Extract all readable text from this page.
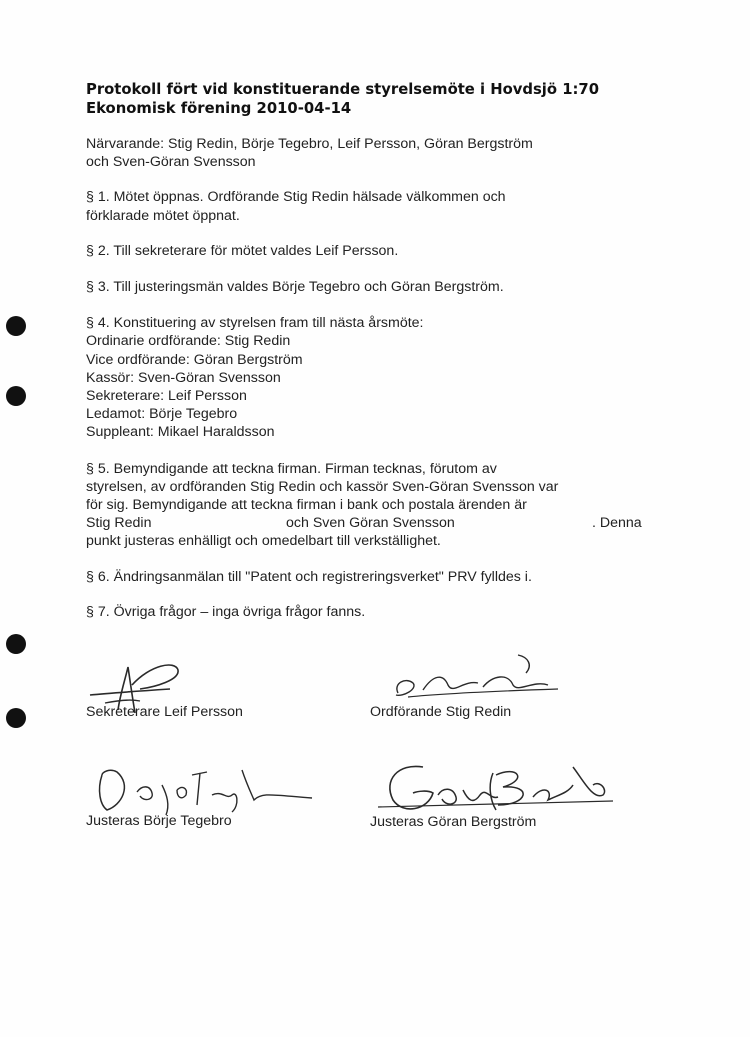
Protokoll fört vid konstituerande styrelsemöte i Hovdsjö 1:70
Ekonomisk förening 2010-04-14

Närvarande: Stig Redin, Börje Tegebro, Leif Persson, Göran Bergström
och Sven-Göran Svensson

§ 1. Mötet öppnas. Ordförande Stig Redin hälsade välkommen och
förklarade mötet öppnat.

§ 2. Till sekreterare för mötet valdes Leif Persson.

§ 3. Till justeringsmän valdes Börje Tegebro och Göran Bergström.

§ 4. Konstituering av styrelsen fram till nästa årsmöte:
Ordinarie ordförande: Stig Redin
Vice ordförande: Göran Bergström
Kassör: Sven-Göran Svensson
Sekreterare: Leif Persson
Ledamot: Börje Tegebro
Suppleant: Mikael Haraldsson

§ 5. Bemyndigande att teckna firman. Firman tecknas, förutom av
styrelsen, av ordföranden Stig Redin och kassör Sven-Göran Svensson var
för sig. Bemyndigande att teckna firman i bank och postala ärenden är
Stig Redin	och Sven Göran Svensson	. Denna
punkt justeras enhälligt och omedelbart till verkställighet.

§ 6. Ändringsanmälan till "Patent och registreringsverket" PRV fylldes i.

§ 7. Övriga frågor – inga övriga frågor fanns.

Sekreterare Leif Persson	Ordförande Stig Redin
Justeras Börje Tegebro	Justeras Göran Bergström
